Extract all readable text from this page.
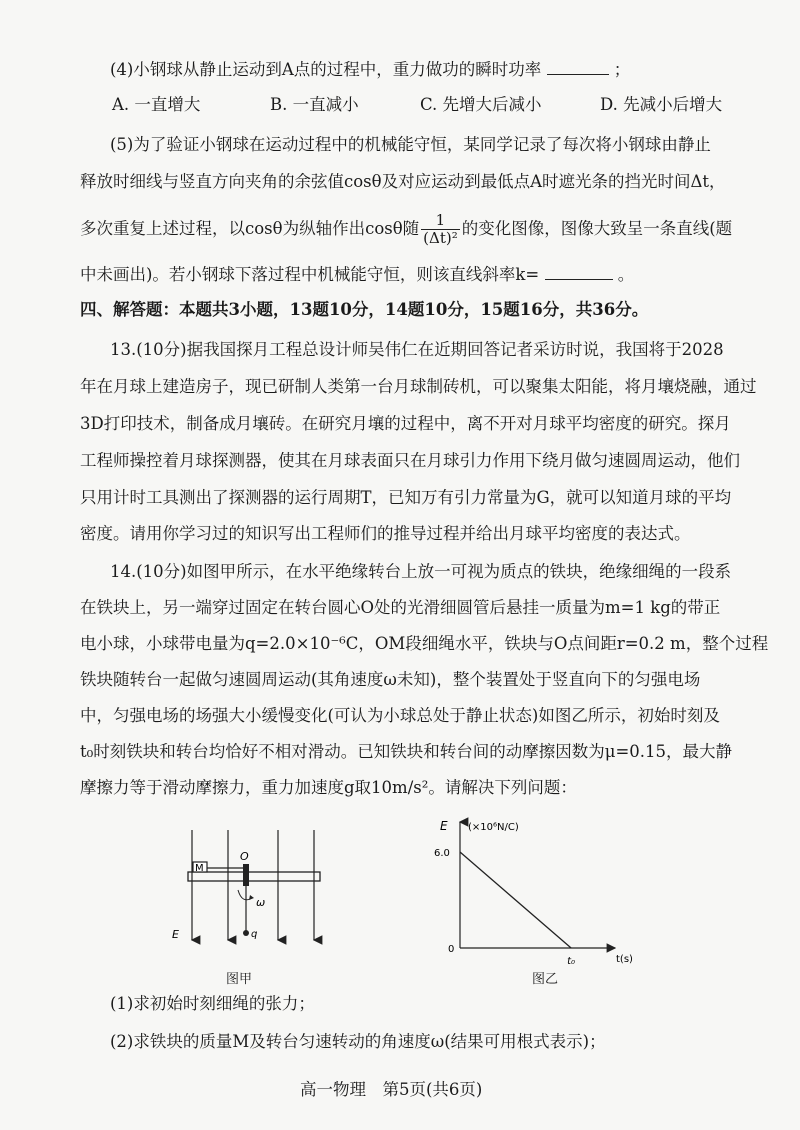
(4)小钢球从静止运动到A点的过程中，重力做功的瞬时功率	；
A. 一直增大	B. 一直减小	C. 先增大后减小	D. 先减小后增大
(5)为了验证小钢球在运动过程中的机械能守恒，某同学记录了每次将小钢球由静止
释放时细线与竖直方向夹角的余弦值cosθ及对应运动到最低点A时遮光条的挡光时间Δt，
多次重复上述过程，以cosθ为纵轴作出cosθ随 $\frac{1}{\text{(Δt)²}}$ 的变化图像，图像大致呈一条直线(题
中未画出)。若小钢球下落过程中机械能守恒，则该直线斜率k=	。
四、解答题：本题共3小题，13题10分，14题10分，15题16分，共36分。
13.(10分)据我国探月工程总设计师吴伟仁在近期回答记者采访时说，我国将于2028
年在月球上建造房子，现已研制人类第一台月球制砖机，可以聚集太阳能，将月壤烧融，通过
3D打印技术，制备成月壤砖。在研究月壤的过程中，离不开对月球平均密度的研究。探月
工程师操控着月球探测器，使其在月球表面只在月球引力作用下绕月做匀速圆周运动，他们
只用计时工具测出了探测器的运行周期T，已知万有引力常量为G，就可以知道月球的平均
密度。请用你学习过的知识写出工程师们的推导过程并给出月球平均密度的表达式。
14.(10分)如图甲所示，在水平绝缘转台上放一可视为质点的铁块，绝缘细绳的一段系
在铁块上，另一端穿过固定在转台圆心O处的光滑细圆管后悬挂一质量为m=1 kg的带正
电小球，小球带电量为q=2.0×10⁻⁶C，OM段细绳水平，铁块与O点间距r=0.2 m，整个过程
铁块随转台一起做匀速圆周运动(其角速度ω未知)，整个装置处于竖直向下的匀强电场
中，匀强电场的场强大小缓慢变化(可认为小球总处于静止状态)如图乙所示，初始时刻及
t₀时刻铁块和转台均恰好不相对滑动。已知铁块和转台间的动摩擦因数为μ=0.15，最大静
摩擦力等于滑动摩擦力，重力加速度g取10m/s²。请解决下列问题：
M
O
q
ω
E
图甲
E (×10⁶N/C)
t(s)
0
6.0
t₀
图乙
(1)求初始时刻细绳的张力；
(2)求铁块的质量M及转台匀速转动的角速度ω(结果可用根式表示)；
高一物理　第5页(共6页)
